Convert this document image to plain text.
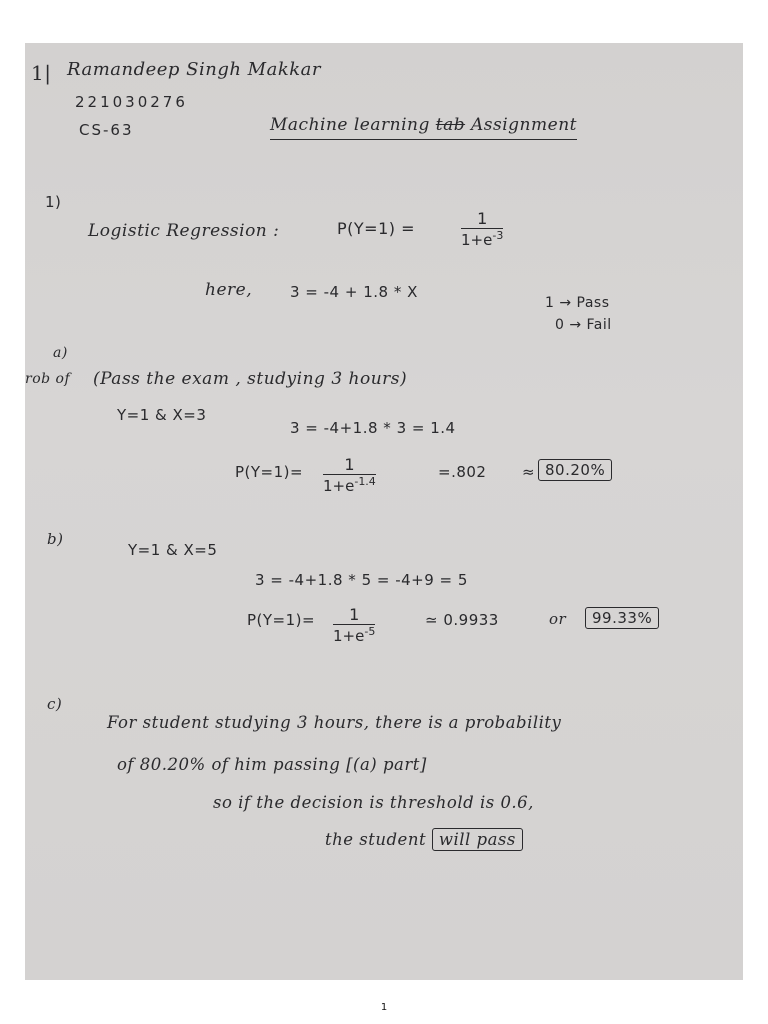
1| Ramandeep Singh Makkar
221030276
CS-63	Machine learning tab Assignment
1)
Logistic Regression :	P(Y=1) =	$\frac{1}{1+e^{-3}}$
here,	3 = -4 + 1.8 * X
1 → Pass
0 → Fail
a)
rob of (Pass the exam , studying 3 hours)
Y=1 & X=3
3 = -4+1.8 * 3 = 1.4
$P(Y=1)= \frac{1}{1+e^{-1.4}}$	=.802 ≈ 80.20%
b)
Y=1 & X=5
3 = -4+1.8 * 5 = -4+9 = 5
$P(Y=1)= \frac{1}{1+e^{-5}}$	≃ 0.9933	or	99.33%
c)
For student studying 3 hours, there is a probability
of 80.20% of him passing [(a) part]
so if the decision is threshold is 0.6,
the student will pass
1
